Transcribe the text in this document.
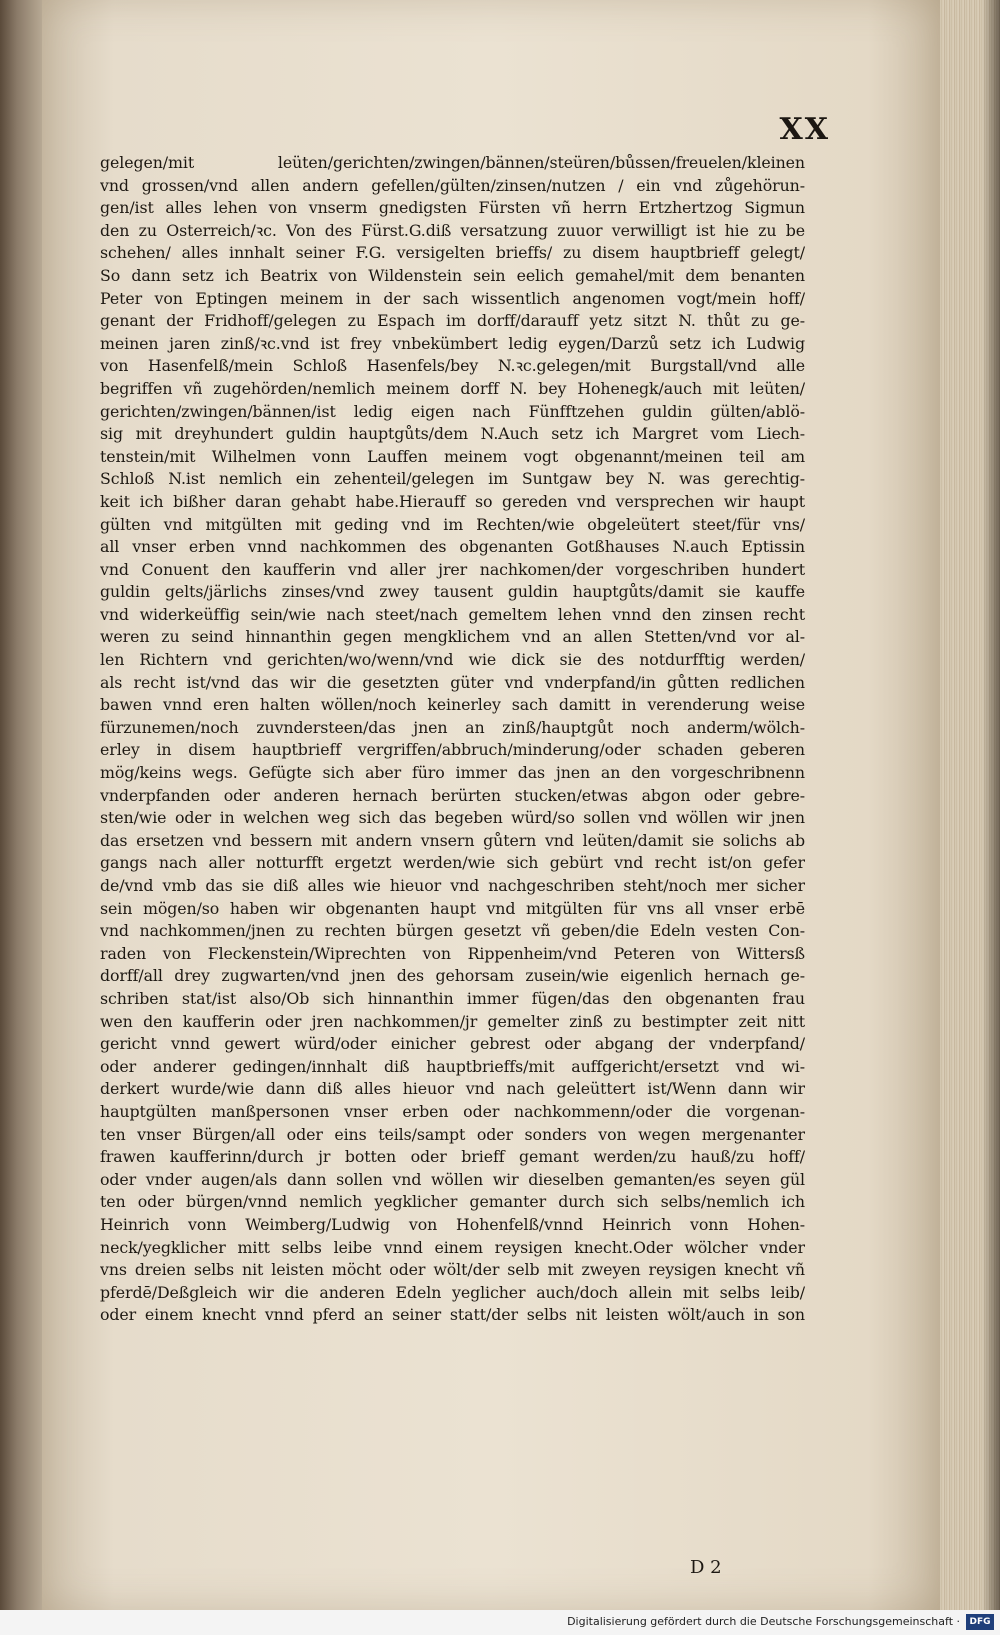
XX
gelegen/mit leüten/gerichten/zwingen/bännen/steüren/bůssen/freuelen/kleinen
vnd grossen/vnd allen andern gefellen/gülten/zinsen/nutzen / ein vnd zůgehörun-
gen/ist alles lehen von vnserm gnedigsten Fürsten vñ herrn Ertzhertzog Sigmun
den zu Osterreich/ꝛc. Von des Fürst.G.diß versatzung zuuor verwilligt ist hie zu be
schehen/ alles innhalt seiner F.G. versigelten brieffs/ zu disem hauptbrieff gelegt/
So dann setz ich Beatrix von Wildenstein sein eelich gemahel/mit dem benanten
Peter von Eptingen meinem in der sach wissentlich angenomen vogt/mein hoff/
genant der Fridhoff/gelegen zu Espach im dorff/darauff yetz sitzt N. thůt zu ge-
meinen jaren zinß/ꝛc.vnd ist frey vnbekümbert ledig eygen/Darzů setz ich Ludwig
von Hasenfelß/mein Schloß Hasenfels/bey N.ꝛc.gelegen/mit Burgstall/vnd alle
begriffen vñ zugehörden/nemlich meinem dorff N. bey Hohenegk/auch mit leüten/
gerichten/zwingen/bännen/ist ledig eigen nach Fünfftzehen guldin gülten/ablö-
sig mit dreyhundert guldin hauptgůts/dem N.Auch setz ich Margret vom Liech-
tenstein/mit Wilhelmen vonn Lauffen meinem vogt obgenannt/meinen teil am
Schloß N.ist nemlich ein zehenteil/gelegen im Suntgaw bey N. was gerechtig-
keit ich bißher daran gehabt habe.Hierauff so gereden vnd versprechen wir haupt
gülten vnd mitgülten mit geding vnd im Rechten/wie obgeleütert steet/für vns/
all vnser erben vnnd nachkommen des obgenanten Gotßhauses N.auch Eptissin
vnd Conuent den kaufferin vnd aller jrer nachkomen/der vorgeschriben hundert
guldin gelts/järlichs zinses/vnd zwey tausent guldin hauptgůts/damit sie kauffe
vnd widerkeüffig sein/wie nach steet/nach gemeltem lehen vnnd den zinsen recht
weren zu seind hinnanthin gegen mengklichem vnd an allen Stetten/vnd vor al-
len Richtern vnd gerichten/wo/wenn/vnd wie dick sie des notdurfftig werden/
als recht ist/vnd das wir die gesetzten güter vnd vnderpfand/in gůtten redlichen
bawen vnnd eren halten wöllen/noch keinerley sach damitt in verenderung weise
fürzunemen/noch zuvndersteen/das jnen an zinß/hauptgůt noch anderm/wölch-
erley in disem hauptbrieff vergriffen/abbruch/minderung/oder schaden geberen
mög/keins wegs. Gefügte sich aber füro immer das jnen an den vorgeschribnenn
vnderpfanden oder anderen hernach berürten stucken/etwas abgon oder gebre-
sten/wie oder in welchen weg sich das begeben würd/so sollen vnd wöllen wir jnen
das ersetzen vnd bessern mit andern vnsern gůtern vnd leüten/damit sie solichs ab
gangs nach aller notturfft ergetzt werden/wie sich gebürt vnd recht ist/on gefer
de/vnd vmb das sie diß alles wie hieuor vnd nachgeschriben steht/noch mer sicher
sein mögen/so haben wir obgenanten haupt vnd mitgülten für vns all vnser erbē
vnd nachkommen/jnen zu rechten bürgen gesetzt vñ geben/die Edeln vesten Con-
raden von Fleckenstein/Wiprechten von Rippenheim/vnd Peteren von Wittersß
dorff/all drey zugwarten/vnd jnen des gehorsam zusein/wie eigenlich hernach ge-
schriben stat/ist also/Ob sich hinnanthin immer fügen/das den obgenanten frau
wen den kaufferin oder jren nachkommen/jr gemelter zinß zu bestimpter zeit nitt
gericht vnnd gewert würd/oder einicher gebrest oder abgang der vnderpfand/
oder anderer gedingen/innhalt diß hauptbrieffs/mit auffgericht/ersetzt vnd wi-
derkert wurde/wie dann diß alles hieuor vnd nach geleüttert ist/Wenn dann wir
hauptgülten manßpersonen vnser erben oder nachkommenn/oder die vorgenan-
ten vnser Bürgen/all oder eins teils/sampt oder sonders von wegen mergenanter
frawen kaufferinn/durch jr botten oder brieff gemant werden/zu hauß/zu hoff/
oder vnder augen/als dann sollen vnd wöllen wir dieselben gemanten/es seyen gül
ten oder bürgen/vnnd nemlich yegklicher gemanter durch sich selbs/nemlich ich
Heinrich vonn Weimberg/Ludwig von Hohenfelß/vnnd Heinrich vonn Hohen-
neck/yegklicher mitt selbs leibe vnnd einem reysigen knecht.Oder wölcher vnder
vns dreien selbs nit leisten möcht oder wölt/der selb mit zweyen reysigen knecht vñ
pferdē/Deßgleich wir die anderen Edeln yeglicher auch/doch allein mit selbs leib/
oder einem knecht vnnd pferd an seiner statt/der selbs nit leisten wölt/auch in son
D 2
Digitalisierung gefördert durch die Deutsche Forschungsgemeinschaft ·	DFG
